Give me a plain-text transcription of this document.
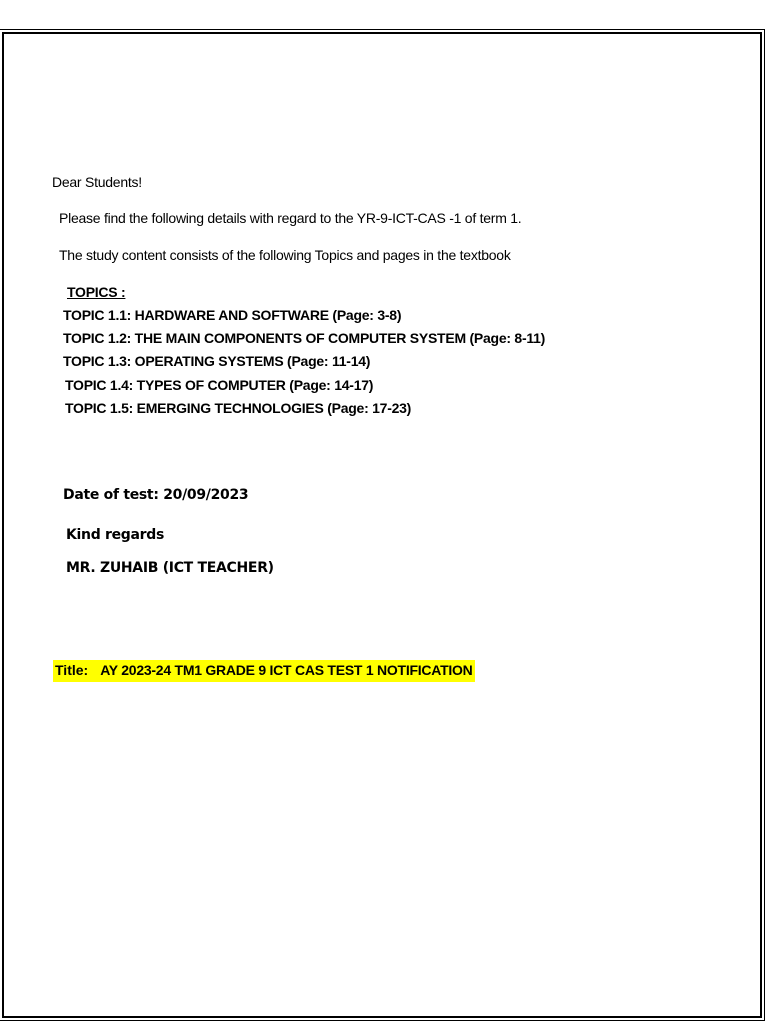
Dear Students!
Please find the following details with regard to the YR-9-ICT-CAS -1 of term 1.
The study content consists of the following Topics and pages in the textbook
TOPICS :
TOPIC 1.1: HARDWARE AND SOFTWARE (Page: 3-8)
TOPIC 1.2: THE MAIN COMPONENTS OF COMPUTER SYSTEM (Page: 8-11)
TOPIC 1.3: OPERATING SYSTEMS (Page: 11-14)
TOPIC 1.4: TYPES OF COMPUTER (Page: 14-17)
TOPIC 1.5: EMERGING TECHNOLOGIES (Page: 17-23)
Date of test: 20/09/2023
Kind regards
MR. ZUHAIB (ICT TEACHER)
Title: AY 2023-24 TM1 GRADE 9 ICT CAS TEST 1 NOTIFICATION
